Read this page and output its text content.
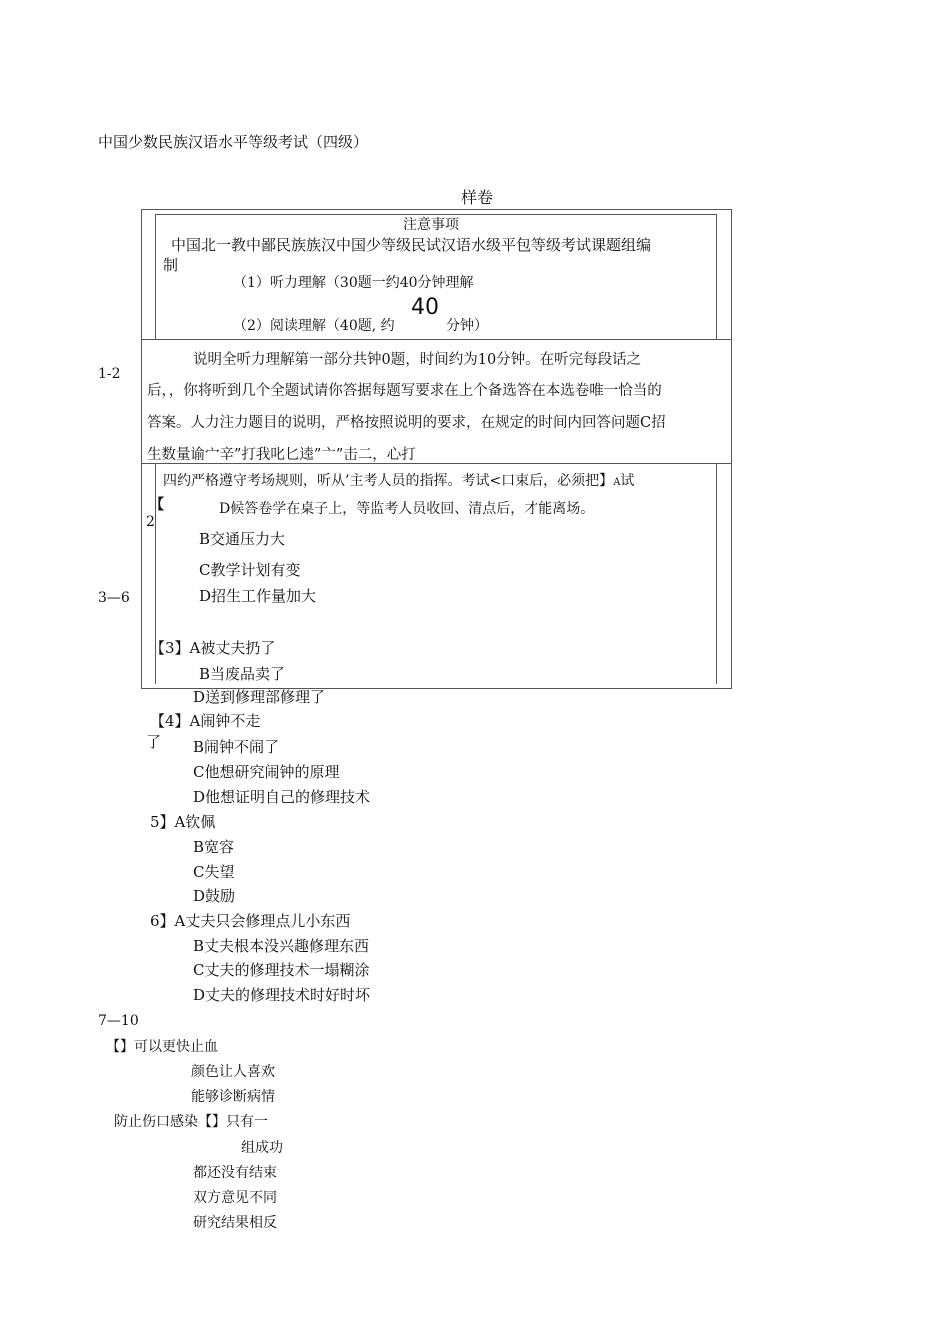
中国少数民族汉语水平等级考试（四级）
样卷
注意事项
中国北一教中鄙民族族汉中国少等级民试汉语水级平包等级考试课题组编
制
（1）听力理解（30题一约40分钟理解
（2）阅读理解（40题, 约
40
分钟）
说明全听力理解第一部分共钟0题，时间约为10分钟。在听完每段话之
后，，你将听到几个全题试请你答据每题写要求在上个备选答在本选卷唯一恰当的
答案。人力注力题目的说明，严格按照说明的要求，在规定的时间内回答问题C招
生数量谕宀辛”打我叱匕逵”亠”击二，心打
1-2
3—6
7—10
四约严格遵守考场规则，听从’主考人员的指挥。考试<口束后，必须把】A试
【
2
D候答卷学在桌子上，等监考人员收回、清点后，才能离场。
B交通压力大
C教学计划有变
D招生工作量加大
【3】A被丈夫扔了
B当废品卖了
D送到修理部修理了
【4】A闹钟不走
了 B闹钟不闹了
C他想研究闹钟的原理
D他想证明自己的修理技术
5】A钦佩
B宽容
C失望
D鼓励
6】A丈夫只会修理点儿小东西
B丈夫根本没兴趣修理东西
C丈夫的修理技术一塌糊涂
D丈夫的修理技术时好时坏
【】可以更快止血
颜色让人喜欢
能够诊断病情
防止伤口感染【】只有一
组成功
都还没有结束
双方意见不同
研究结果相反
